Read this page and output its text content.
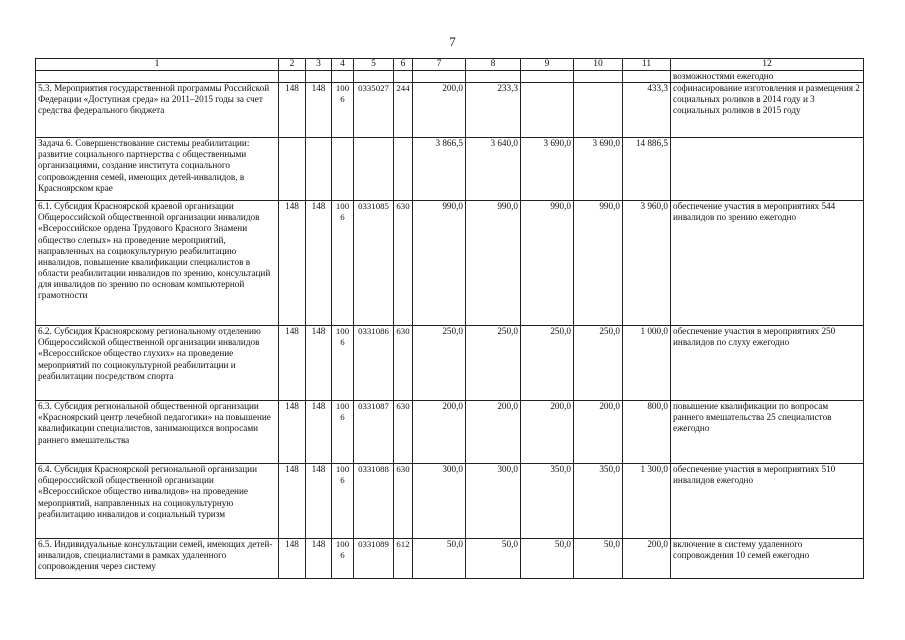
7
1	2	3	4	5	6	7	8	9	10	11	12
											возможностями ежегодно
5.3. Мероприятия государственной программы Российской Федерации «Доступная среда» на 2011–2015 годы за счет средства федерального бюджета	148	148	1006	0335027	244	200,0	233,3			433,3	софинасирование изготовления и размещения 2 социальных роликов в 2014 году и 3 социальных роликов в 2015 году
Задача 6. Совершенствование системы реабилитации: развитие социального партнерства с общественными организациями, создание института социального сопровождения семей, имеющих детей-инвалидов, в Красноярском крае						3 866,5	3 640,0	3 690,0	3 690,0	14 886,5	
6.1. Субсидия Красноярской краевой организации Общероссийской общественной организации инвалидов «Всероссийское ордена Трудового Красного Знамени общество слепых» на проведение мероприятий, направленных на социокультурную реабилитацию инвалидов, повышение квалификации специалистов в области реабилитации инвалидов по зрению, консультаций для инвалидов по зрению по основам компьютерной грамотности	148	148	1006	0331085	630	990,0	990,0	990,0	990,0	3 960,0	обеспечение участия в мероприятиях 544 инвалидов по зрению ежегодно
6.2. Субсидия Красноярскому региональному отделению Общероссийской общественной организации инвалидов «Всероссийское общество глухих» на проведение мероприятий по социокультурной реабилитации и реабилитации посредством спорта	148	148	1006	0331086	630	250,0	250,0	250,0	250,0	1 000,0	обеспечение участия в мероприятиях 250 инвалидов по слуху ежегодно
6.3. Субсидия региональной общественной организации «Красноярский центр лечебной педагогики» на повышение квалификации специалистов, занимающихся вопросами раннего вмешательства	148	148	1006	0331087	630	200,0	200,0	200,0	200,0	800,0	повышение квалификации по вопросам раннего вмешательства 25 специалистов ежегодно
6.4. Субсидия Красноярской региональной организации общероссийской общественной организации «Всероссийское общество инвалидов» на проведение мероприятий, направленных на социокультурную реабилитацию инвалидов и социальный туризм	148	148	1006	0331088	630	300,0	300,0	350,0	350,0	1 300,0	обеспечение участия в мероприятиях 510 инвалидов ежегодно
6.5. Индивидуальные консультации семей, имеющих детей-инвалидов, специалистами в рамках удаленного сопровождения через систему	148	148	1006	0331089	612	50,0	50,0	50,0	50,0	200,0	включение в систему удаленного сопровождения 10 семей ежегодно
